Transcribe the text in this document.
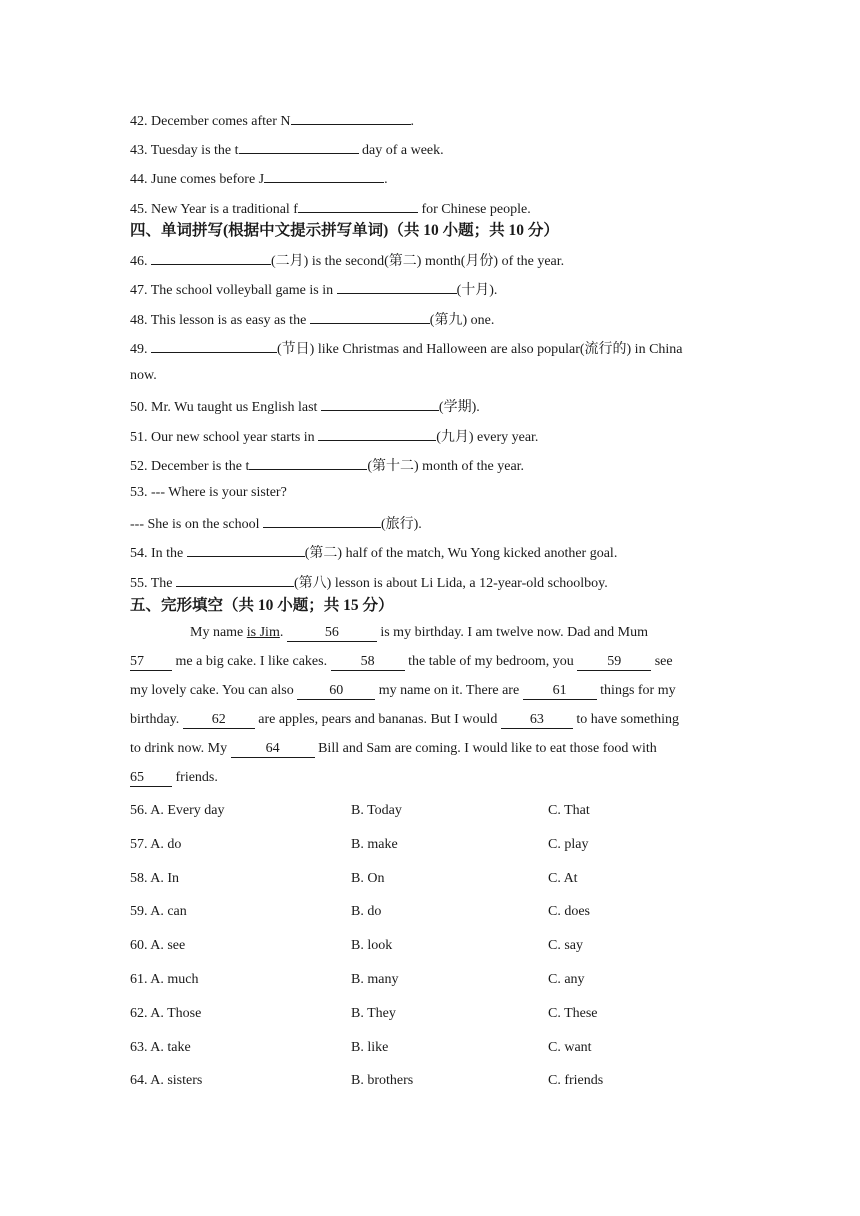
42. December comes after N	.
43. Tuesday is the t	day of a week.
44. June comes before J	.
45. New Year is a traditional f	for Chinese people.
四、单词拼写(根据中文提示拼写单词)（共 10 小题；共 10 分）
46.	(二月) is the second(第二) month(月份) of the year.
47. The school volleyball game is in	(十月).
48. This lesson is as easy as the	(第九) one.
49.	(节日) like Christmas and Halloween are also popular(流行的) in China
now.
50. Mr. Wu taught us English last	(学期).
51. Our new school year starts in	(九月) every year.
52. December is the t	(第十二) month of the year.
53. --- Where is your sister?
--- She is on the school	(旅行).
54. In the	(第二) half of the match, Wu Yong kicked another goal.
55. The	(第八) lesson is about Li Lida, a 12-year-old schoolboy.
五、完形填空（共 10 小题；共 15 分）
My name is Jim.	56	is my birthday. I am twelve now. Dad and Mum
57 me a big cake. I like cakes. 58 the table of my bedroom, you 59 see
my lovely cake. You can also 60 my name on it. There are 61 things for my
birthday. 62 are apples, pears and bananas. But I would 63 to have something
to drink now. My	64	Bill and Sam are coming. I would like to eat those food with
65 friends.
56. A. Every day	B. Today	C. That
57. A. do	B. make	C. play
58. A. In	B. On	C. At
59. A. can	B. do	C. does
60. A. see	B. look	C. say
61. A. much	B. many	C. any
62. A. Those	B. They	C. These
63. A. take	B. like	C. want
64. A. sisters	B. brothers	C. friends
